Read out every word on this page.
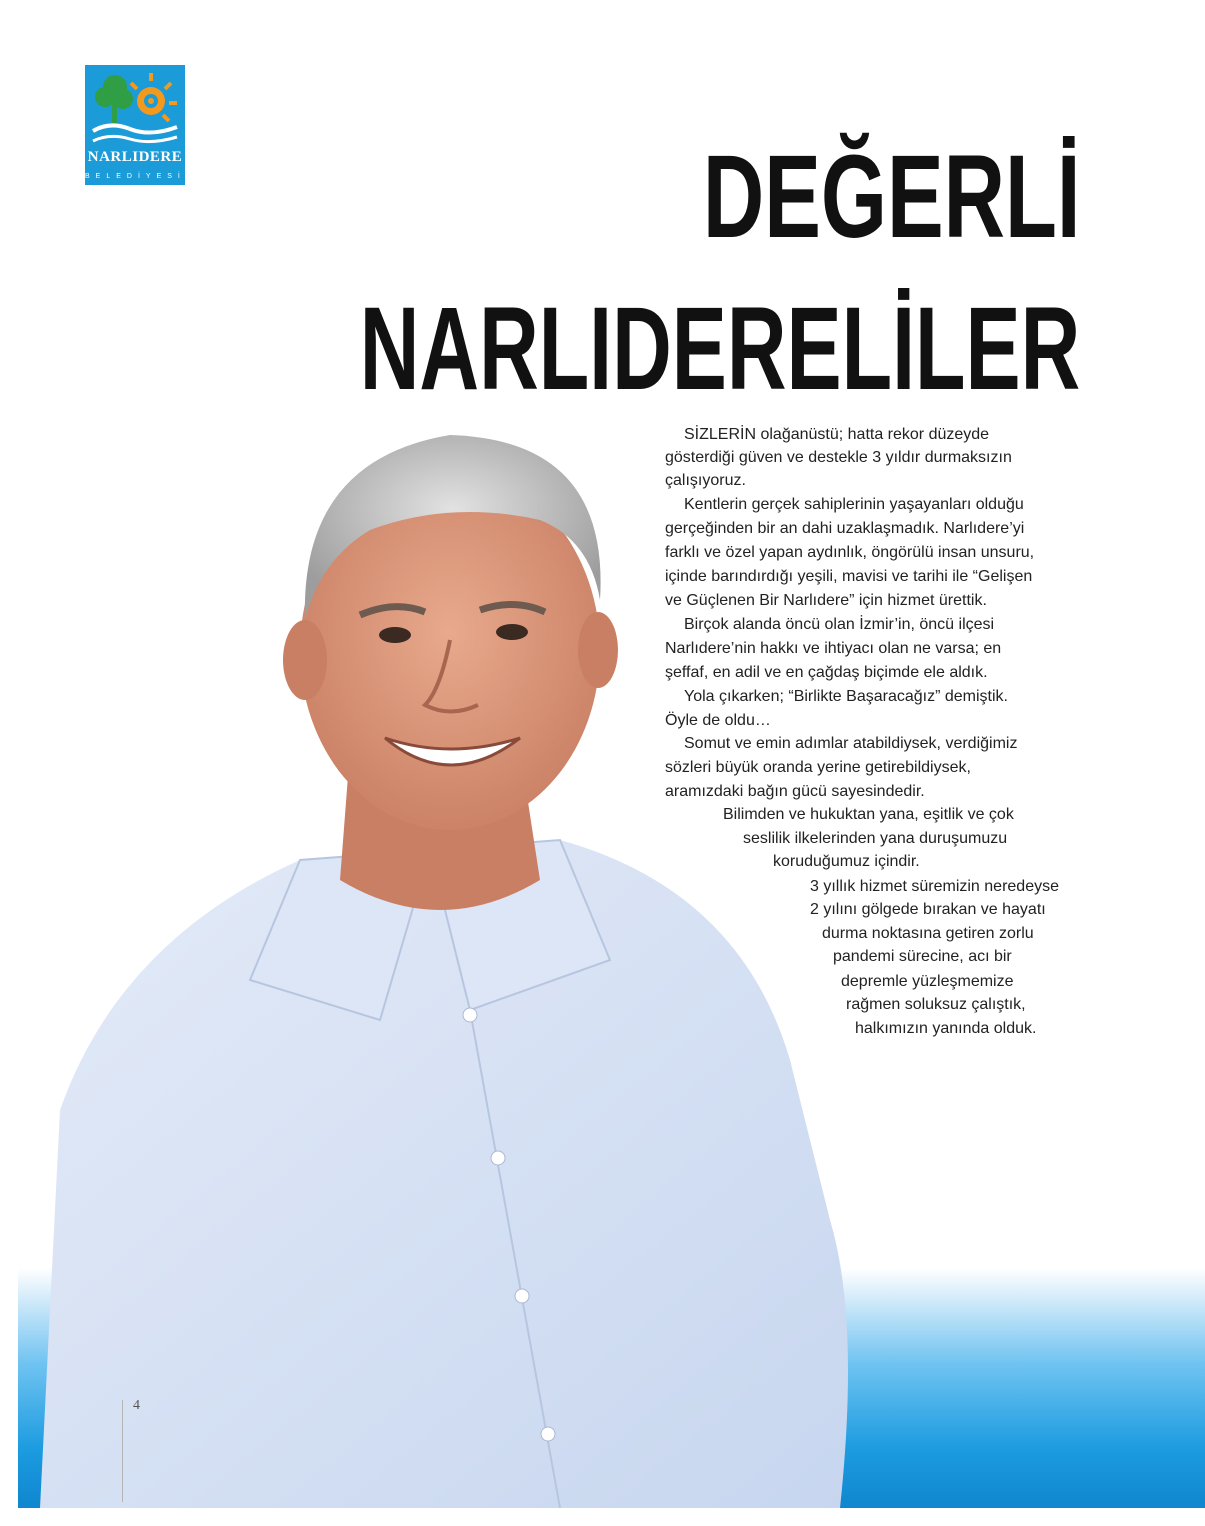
NARLIDERE
BELEDİYESİ	DEĞERLİ
NARLIDERELİLER
SİZLERİN olağanüstü; hatta rekor düzeyde
gösterdiği güven ve destekle 3 yıldır durmaksızın
çalışıyoruz.
Kentlerin gerçek sahiplerinin yaşayanları olduğu
gerçeğinden bir an dahi uzaklaşmadık. Narlıdere’yi
farklı ve özel yapan aydınlık, öngörülü insan unsuru,
içinde barındırdığı yeşili, mavisi ve tarihi ile “Gelişen
ve Güçlenen Bir Narlıdere” için hizmet ürettik.
Birçok alanda öncü olan İzmir’in, öncü ilçesi
Narlıdere’nin hakkı ve ihtiyacı olan ne varsa; en
şeffaf, en adil ve en çağdaş biçimde ele aldık.
Yola çıkarken; “Birlikte Başaracağız” demiştik.
Öyle de oldu…
Somut ve emin adımlar atabildiysek, verdiğimiz
sözleri büyük oranda yerine getirebildiysek,
aramızdaki bağın gücü sayesindedir.
Bilimden ve hukuktan yana, eşitlik ve çok
seslilik ilkelerinden yana duruşumuzu
koruduğumuz içindir.
3 yıllık hizmet süremizin neredeyse
2 yılını gölgede bırakan ve hayatı
durma noktasına getiren zorlu
pandemi sürecine, acı bir
depremle yüzleşmemize
rağmen soluksuz çalıştık,
halkımızın yanında olduk.
4
